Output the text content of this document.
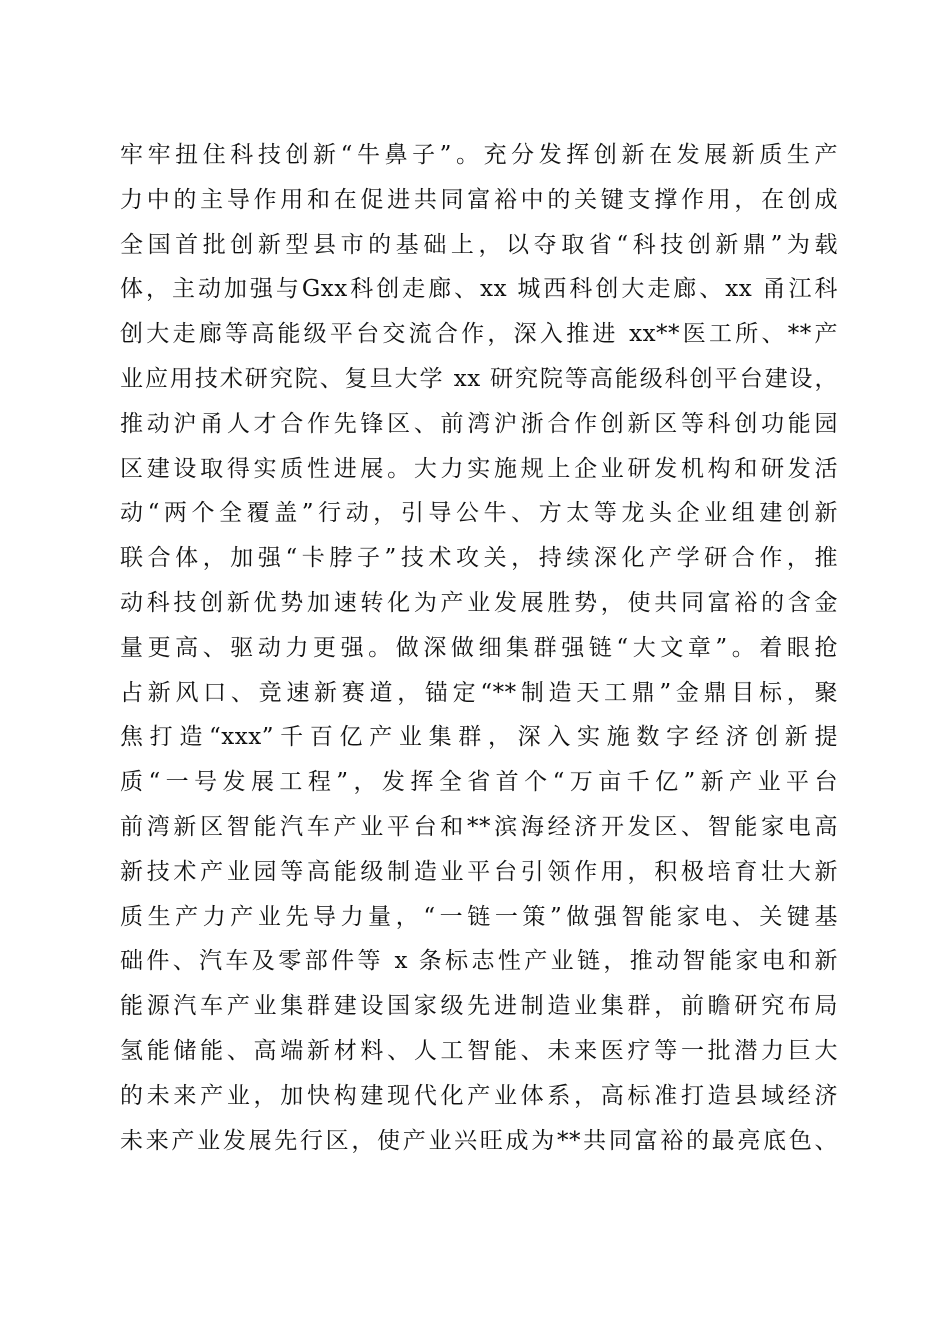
牢牢扭住科技创新“牛鼻子”。充分发挥创新在发展新质生产
力中的主导作用和在促进共同富裕中的关键支撑作用，在创成
全国首批创新型县市的基础上，以夺取省“科技创新鼎”为载
体，主动加强与Gxx科创走廊、xx 城西科创大走廊、xx 甬江科
创大走廊等高能级平台交流合作，深入推进 xx**医工所、**产
业应用技术研究院、复旦大学 xx 研究院等高能级科创平台建设，
推动沪甬人才合作先锋区、前湾沪浙合作创新区等科创功能园
区建设取得实质性进展。大力实施规上企业研发机构和研发活
动“两个全覆盖”行动，引导公牛、方太等龙头企业组建创新
联合体，加强“卡脖子”技术攻关，持续深化产学研合作，推
动科技创新优势加速转化为产业发展胜势，使共同富裕的含金
量更高、驱动力更强。做深做细集群强链“大文章”。着眼抢
占新风口、竞速新赛道，锚定“**制造天工鼎”金鼎目标，聚
焦打造“xxx”千百亿产业集群，深入实施数字经济创新提
质“一号发展工程”，发挥全省首个“万亩千亿”新产业平台
前湾新区智能汽车产业平台和**滨海经济开发区、智能家电高
新技术产业园等高能级制造业平台引领作用，积极培育壮大新
质生产力产业先导力量，“一链一策”做强智能家电、关键基
础件、汽车及零部件等 x 条标志性产业链，推动智能家电和新
能源汽车产业集群建设国家级先进制造业集群，前瞻研究布局
氢能储能、高端新材料、人工智能、未来医疗等一批潜力巨大
的未来产业，加快构建现代化产业体系，高标准打造县域经济
未来产业发展先行区，使产业兴旺成为**共同富裕的最亮底色、
